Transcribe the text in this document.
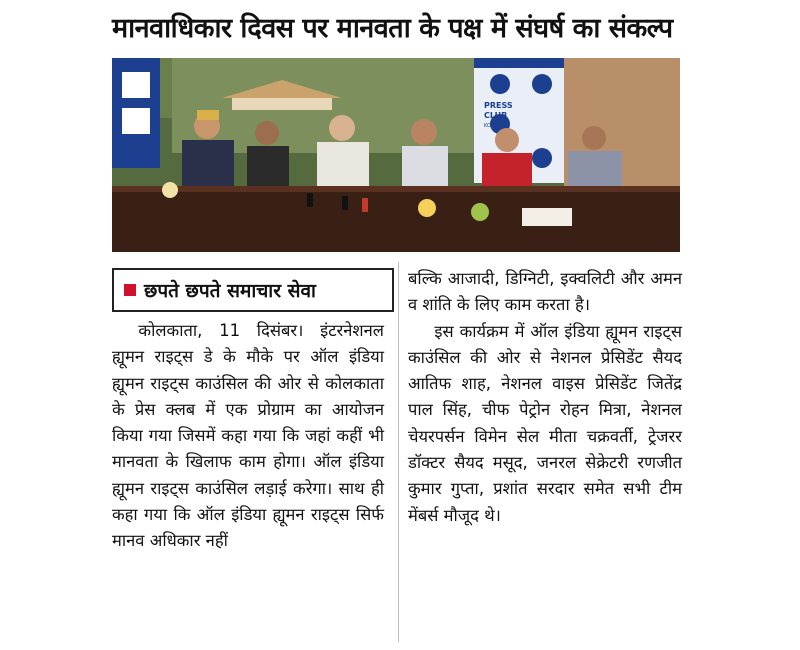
मानवाधिकार दिवस पर मानवता के पक्ष में संघर्ष का संकल्प
PRESS
CLUB
KOLKATA
छपते छपते समाचार सेवा

कोलकाता, 11 दिसंबर। इंटरनेशनल ह्यूमन राइट्स डे के मौके पर ऑल इंडिया ह्यूमन राइट्स काउंसिल की ओर से कोलकाता के प्रेस क्लब में एक प्रोग्राम का आयोजन किया गया जिसमें कहा गया कि जहां कहीं भी मानवता के खिलाफ काम होगा। ऑल इंडिया ह्यूमन राइट्स काउंसिल लड़ाई करेगा। साथ ही कहा गया कि ऑल इंडिया ह्यूमन राइट्स सिर्फ मानव अधिकार नहीं

बल्कि आजादी, डिग्निटी, इक्वलिटी और अमन व शांति के लिए काम करता है।

इस कार्यक्रम में ऑल इंडिया ह्यूमन राइट्स काउंसिल की ओर से नेशनल प्रेसिडेंट सैयद आतिफ शाह, नेशनल वाइस प्रेसिडेंट जितेंद्र पाल सिंह, चीफ पेट्रोन रोहन मित्रा, नेशनल चेयरपर्सन विमेन सेल मीता चक्रवर्ती, ट्रेजरर डॉक्टर सैयद मसूद, जनरल सेक्रेटरी रणजीत कुमार गुप्ता, प्रशांत सरदार समेत सभी टीम मेंबर्स मौजूद थे।
